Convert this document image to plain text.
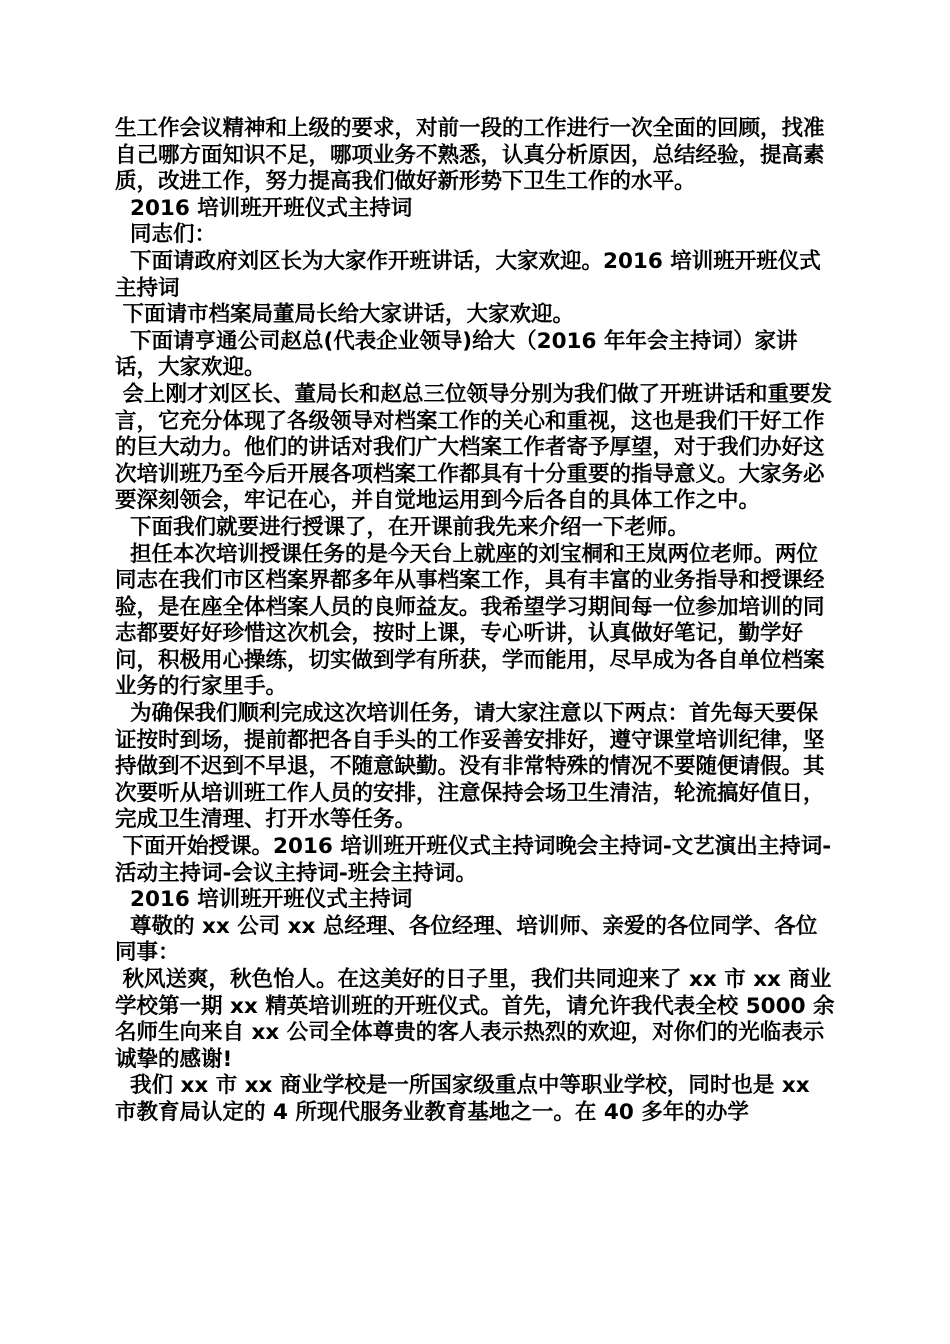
生工作会议精神和上级的要求，对前一段的工作进行一次全面的回顾，找准自己哪方面知识不足，哪项业务不熟悉，认真分析原因，总结经验，提高素质，改进工作，努力提高我们做好新形势下卫生工作的水平。

2016 培训班开班仪式主持词

同志们：

下面请政府刘区长为大家作开班讲话，大家欢迎。2016 培训班开班仪式主持词

下面请市档案局董局长给大家讲话，大家欢迎。

下面请亨通公司赵总(代表企业领导)给大（2016 年年会主持词）家讲话，大家欢迎。

会上刚才刘区长、董局长和赵总三位领导分别为我们做了开班讲话和重要发言，它充分体现了各级领导对档案工作的关心和重视，这也是我们干好工作的巨大动力。他们的讲话对我们广大档案工作者寄予厚望，对于我们办好这次培训班乃至今后开展各项档案工作都具有十分重要的指导意义。大家务必要深刻领会，牢记在心，并自觉地运用到今后各自的具体工作之中。

下面我们就要进行授课了，在开课前我先来介绍一下老师。

担任本次培训授课任务的是今天台上就座的刘宝桐和王岚两位老师。两位同志在我们市区档案界都多年从事档案工作，具有丰富的业务指导和授课经验，是在座全体档案人员的良师益友。我希望学习期间每一位参加培训的同志都要好好珍惜这次机会，按时上课，专心听讲，认真做好笔记，勤学好问，积极用心操练，切实做到学有所获，学而能用，尽早成为各自单位档案业务的行家里手。

为确保我们顺利完成这次培训任务，请大家注意以下两点：首先每天要保证按时到场，提前都把各自手头的工作妥善安排好，遵守课堂培训纪律，坚持做到不迟到不早退，不随意缺勤。没有非常特殊的情况不要随便请假。其次要听从培训班工作人员的安排，注意保持会场卫生清洁，轮流搞好值日，完成卫生清理、打开水等任务。

下面开始授课。2016 培训班开班仪式主持词晚会主持词-文艺演出主持词-活动主持词-会议主持词-班会主持词。

2016 培训班开班仪式主持词

尊敬的 xx 公司 xx 总经理、各位经理、培训师、亲爱的各位同学、各位同事：

秋风送爽，秋色怡人。在这美好的日子里，我们共同迎来了 xx 市 xx 商业学校第一期 xx 精英培训班的开班仪式。首先，请允许我代表全校 5000 余名师生向来自 xx 公司全体尊贵的客人表示热烈的欢迎，对你们的光临表示诚挚的感谢!

我们 xx 市 xx 商业学校是一所国家级重点中等职业学校，同时也是 xx 市教育局认定的 4 所现代服务业教育基地之一。在 40 多年的办学
